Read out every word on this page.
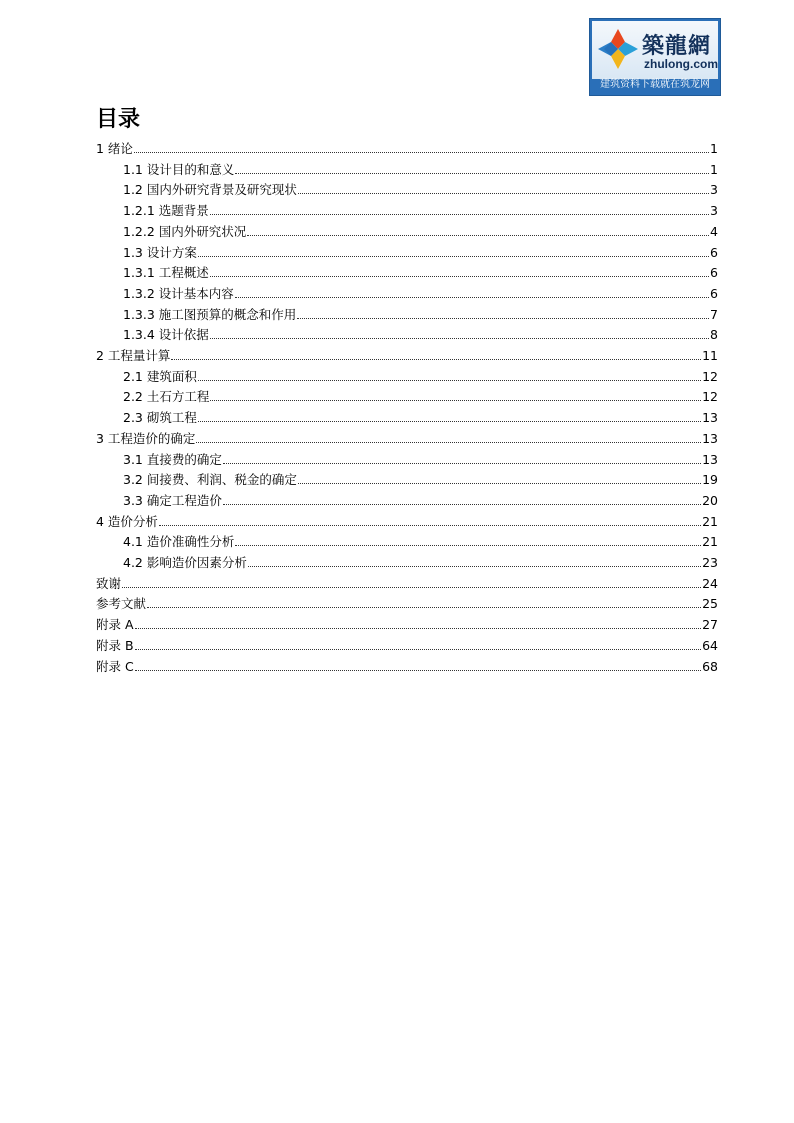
築龍網
zhulong.com
建筑资料下载就在筑龙网
目录
1 绪论	1
1.1 设计目的和意义	1
1.2 国内外研究背景及研究现状	3
1.2.1 选题背景	3
1.2.2 国内外研究状况	4
1.3 设计方案	6
1.3.1 工程概述	6
1.3.2 设计基本内容	6
1.3.3 施工图预算的概念和作用	7
1.3.4 设计依据	8
2 工程量计算	11
2.1 建筑面积	12
2.2 土石方工程	12
2.3 砌筑工程	13
3 工程造价的确定	13
3.1 直接费的确定	13
3.2 间接费、利润、税金的确定	19
3.3 确定工程造价	20
4 造价分析	21
4.1 造价准确性分析	21
4.2 影响造价因素分析	23
致谢	24
参考文献	25
附录 A	27
附录 B	64
附录 C	68
